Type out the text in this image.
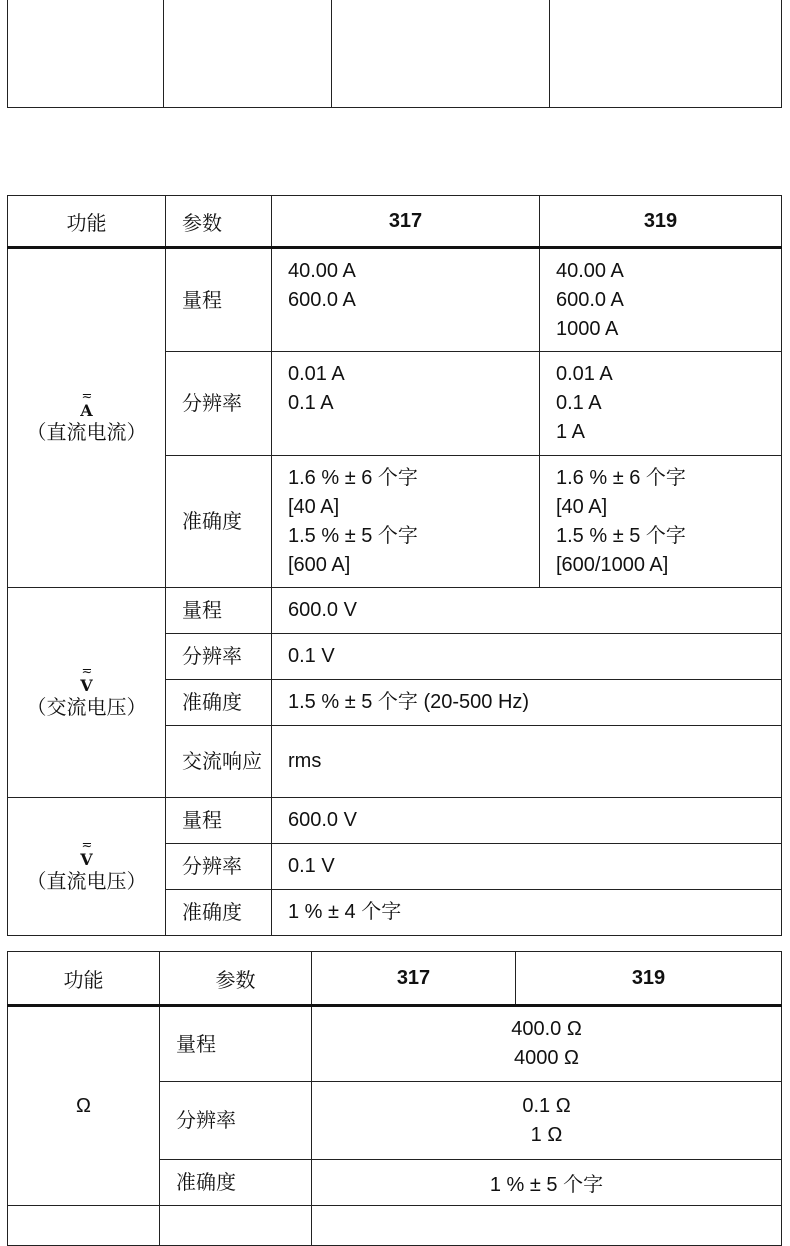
功能	参数	317	319

≂
A
（直流电流）	量程	40.00 A
600.0 A	40.00 A
600.0 A
1000 A

	分辨率	0.01 A
0.1 A	0.01 A
0.1 A
1 A

	准确度	1.6 % ± 6 个字
[40 A]
1.5 % ± 5 个字
[600 A]	1.6 % ± 6 个字
[40 A]
1.5 % ± 5 个字
[600/1000 A]

≂
V
（交流电压）	量程	600.0 V	
	分辨率	0.1 V	
	准确度	1.5 % ± 5 个字 (20-500 Hz)	
	交流响应	rms	

≂
V
（直流电压）	量程	600.0 V	
	分辨率	0.1 V	
	准确度	1 % ± 4 个字	
功能	参数	317	319
Ω	量程	400.0 Ω
4000 Ω	

	分辨率	0.1 Ω
1 Ω	

	准确度	1 % ± 5 个字	
